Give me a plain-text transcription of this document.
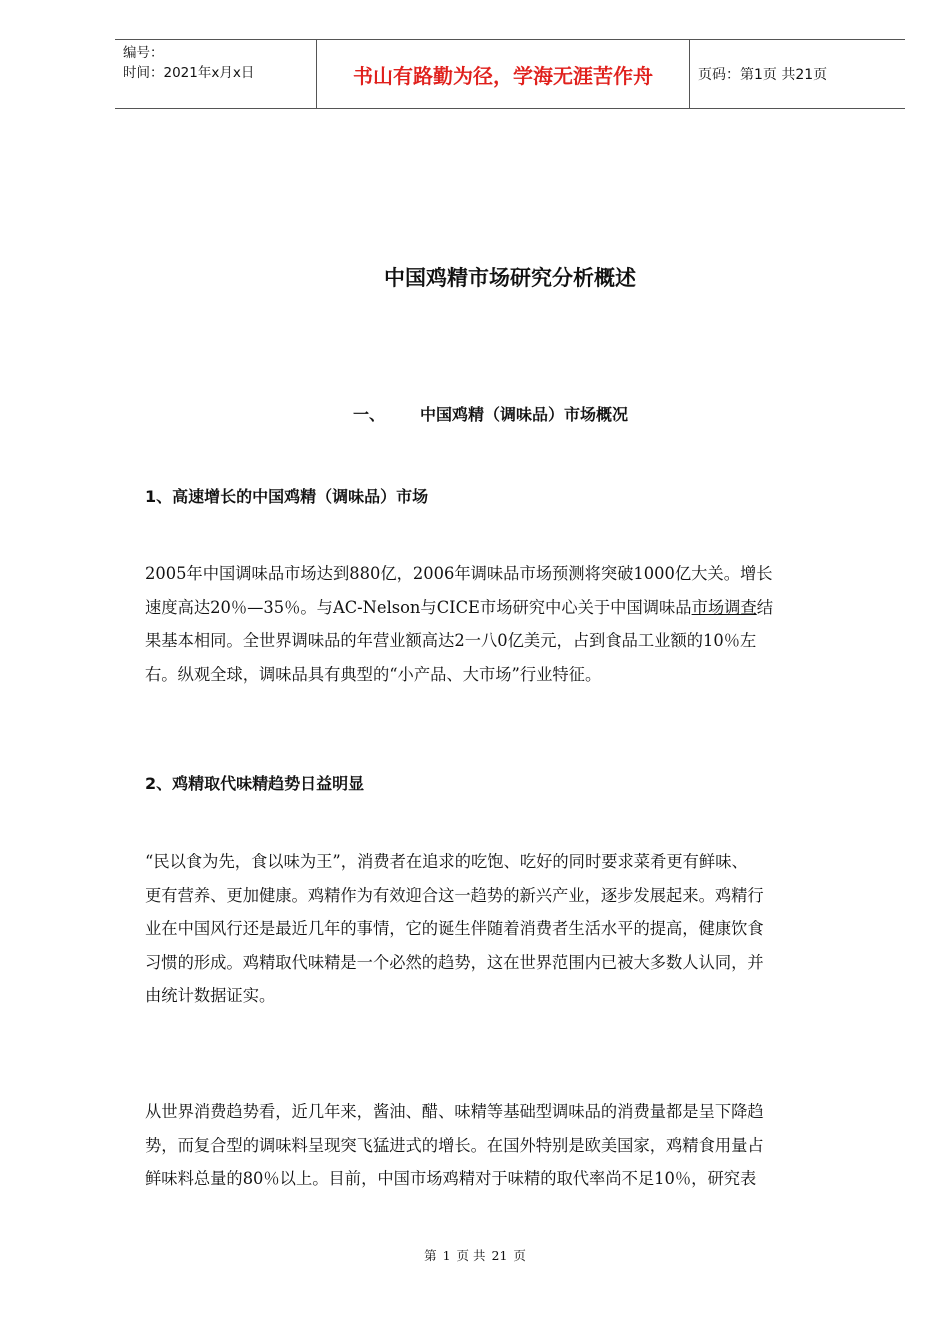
编号：
时间：2021年x月x日	书山有路勤为径，学海无涯苦作舟	页码：第1页 共21页
中国鸡精市场研究分析概述
一、 中国鸡精（调味品）市场概况
1、高速增长的中国鸡精（调味品）市场
2005年中国调味品市场达到880亿，2006年调味品市场预测将突破1000亿大关。增长
速度高达20％—35％。与AC-Nelson与CICE市场研究中心关于中国调味品市场调查结
果基本相同。全世界调味品的年营业额高达2一八0亿美元，占到食品工业额的10％左
右。纵观全球，调味品具有典型的“小产品、大市场”行业特征。
2、鸡精取代味精趋势日益明显
“民以食为先，食以味为王”，消费者在追求的吃饱、吃好的同时要求菜肴更有鲜味、
更有营养、更加健康。鸡精作为有效迎合这一趋势的新兴产业，逐步发展起来。鸡精行
业在中国风行还是最近几年的事情，它的诞生伴随着消费者生活水平的提高，健康饮食
习惯的形成。鸡精取代味精是一个必然的趋势，这在世界范围内已被大多数人认同，并
由统计数据证实。
从世界消费趋势看，近几年来，酱油、醋、味精等基础型调味品的消费量都是呈下降趋
势，而复合型的调味料呈现突飞猛进式的增长。在国外特别是欧美国家，鸡精食用量占
鲜味料总量的80％以上。目前，中国市场鸡精对于味精的取代率尚不足10％，研究表
第 1 页 共 21 页
